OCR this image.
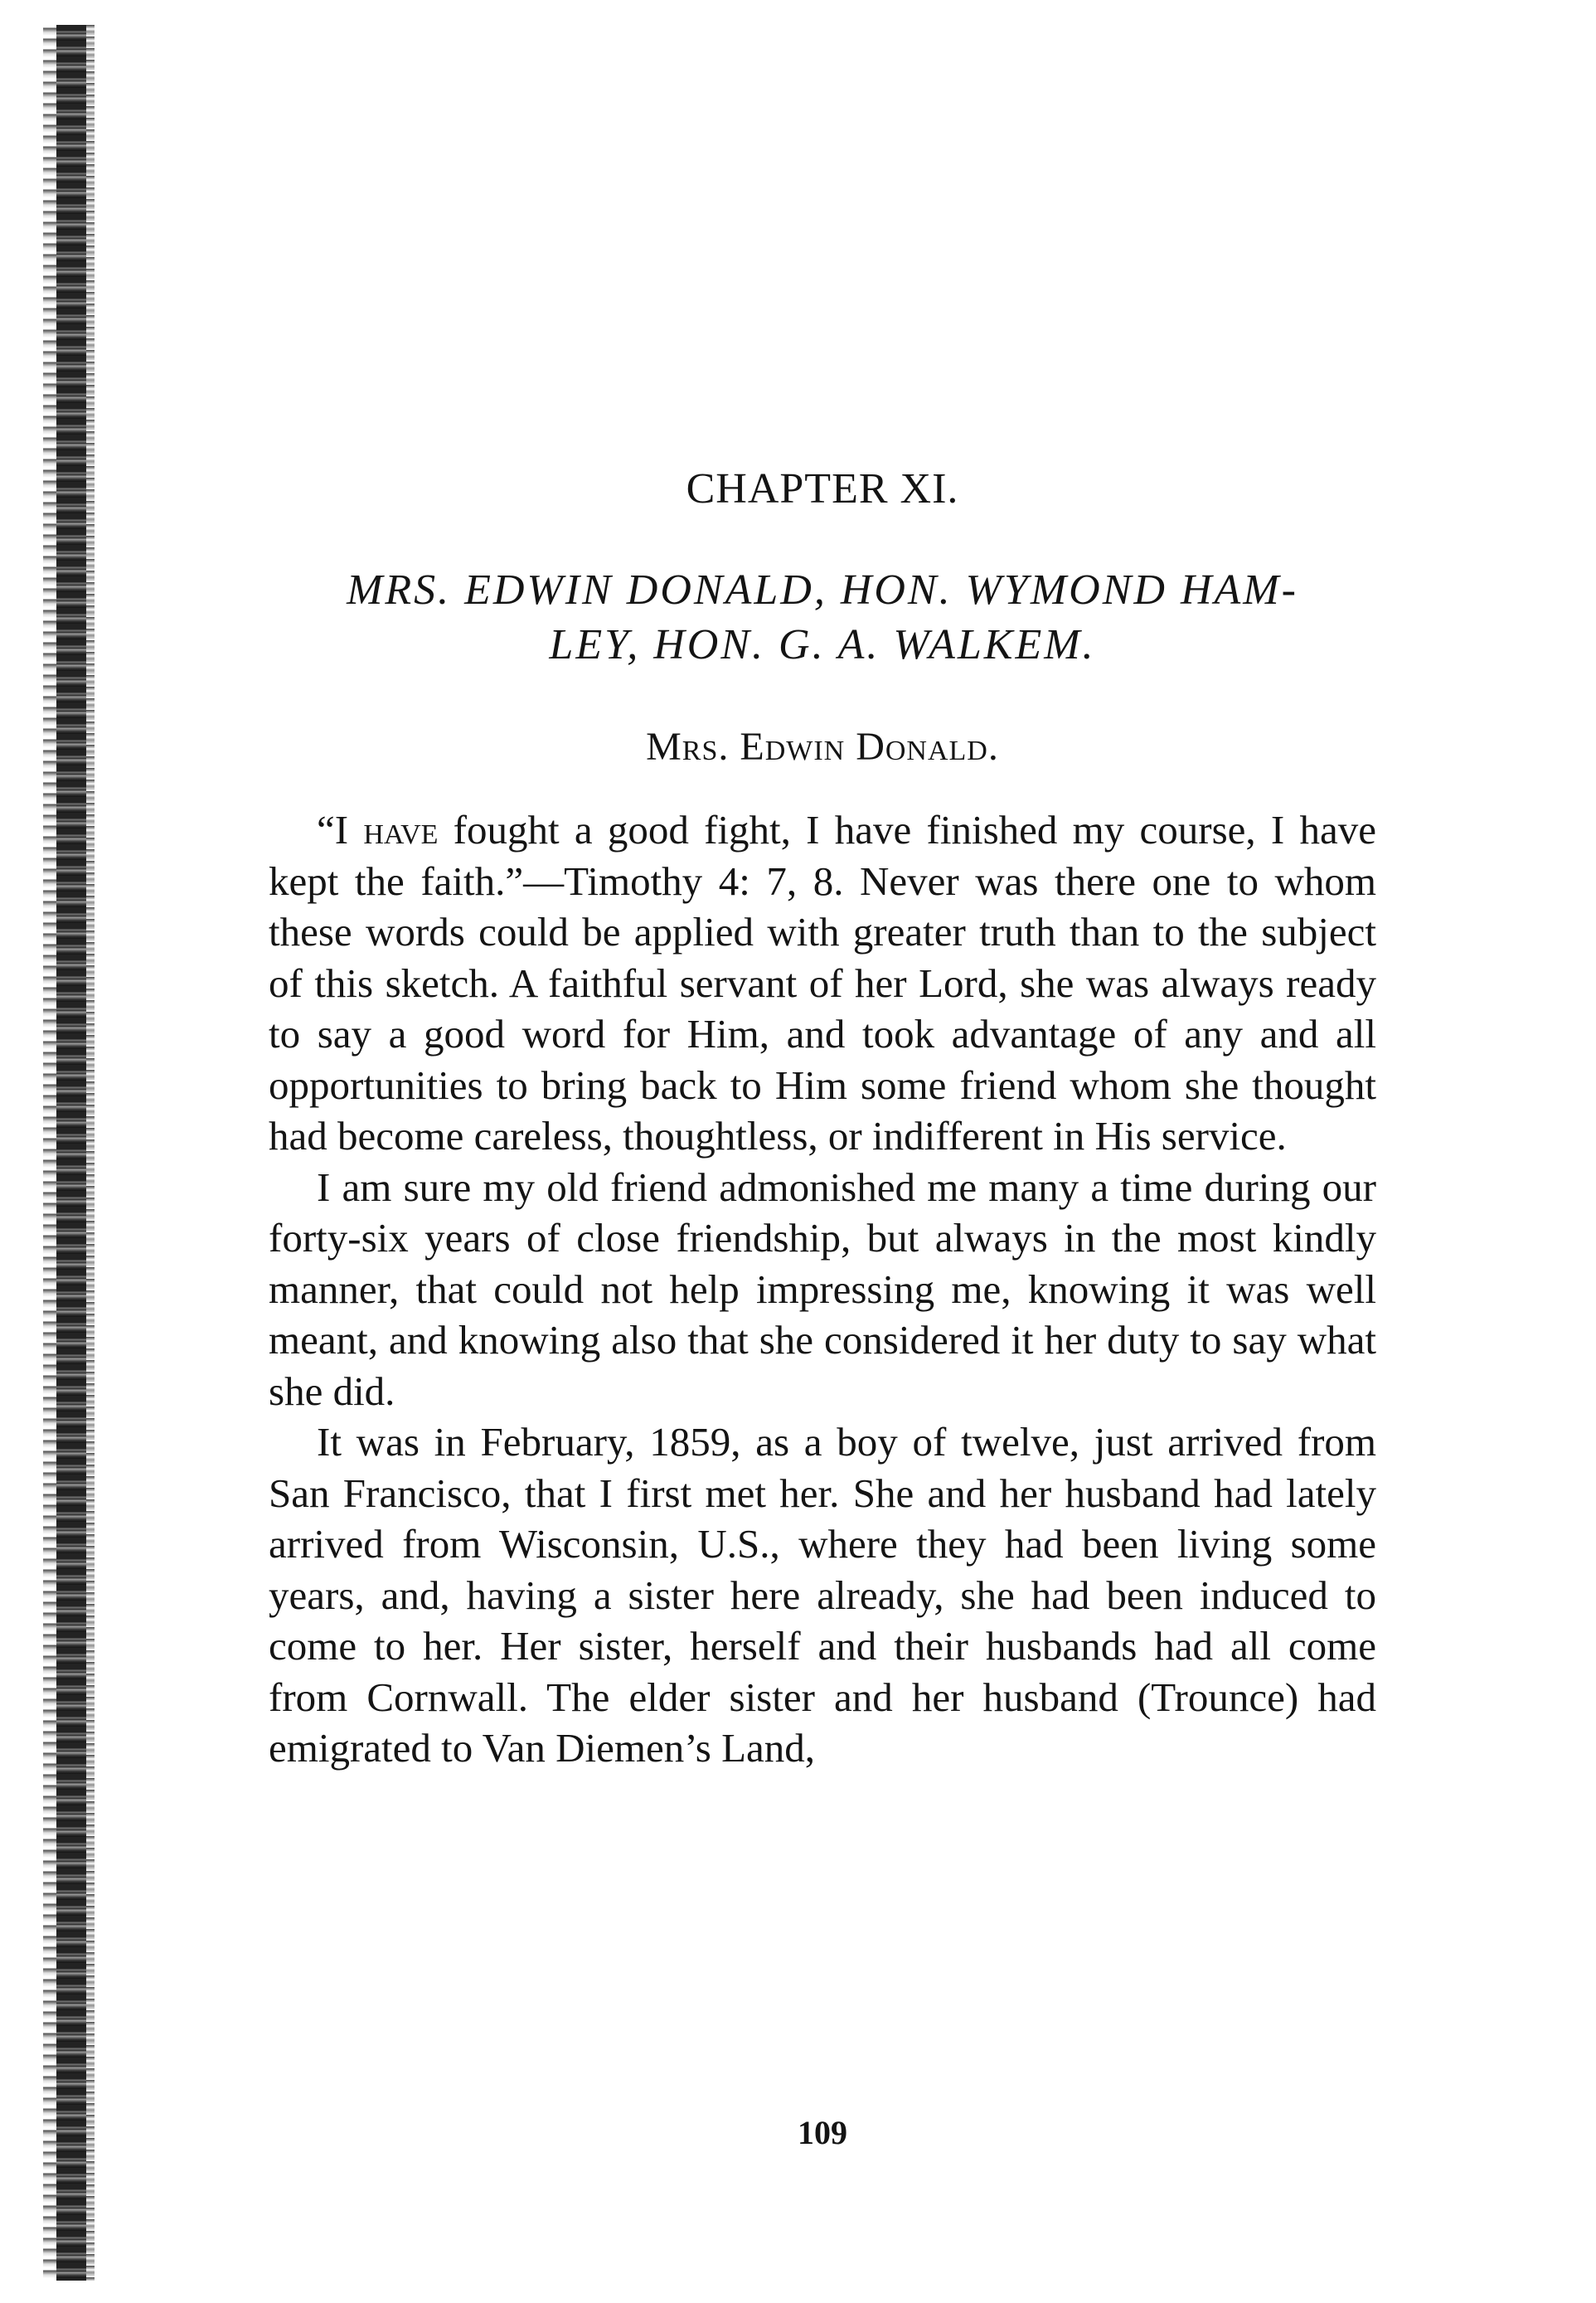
CHAPTER XI.
MRS. EDWIN DONALD, HON. WYMOND HAM-
LEY, HON. G. A. WALKEM.
Mrs. Edwin Donald.

“I have fought a good fight, I have finished my course, I have kept the faith.”—Timothy 4: 7, 8. Never was there one to whom these words could be applied with greater truth than to the subject of this sketch. A faithful servant of her Lord, she was always ready to say a good word for Him, and took advantage of any and all opportunities to bring back to Him some friend whom she thought had become careless, thoughtless, or indifferent in His service.

I am sure my old friend admonished me many a time during our forty-six years of close friendship, but always in the most kindly manner, that could not help impressing me, knowing it was well meant, and knowing also that she considered it her duty to say what she did.

It was in February, 1859, as a boy of twelve, just arrived from San Francisco, that I first met her. She and her husband had lately arrived from Wisconsin, U.S., where they had been living some years, and, having a sister here already, she had been induced to come to her. Her sister, herself and their husbands had all come from Cornwall. The elder sister and her husband (Trounce) had emigrated to Van Diemen’s Land,

109
